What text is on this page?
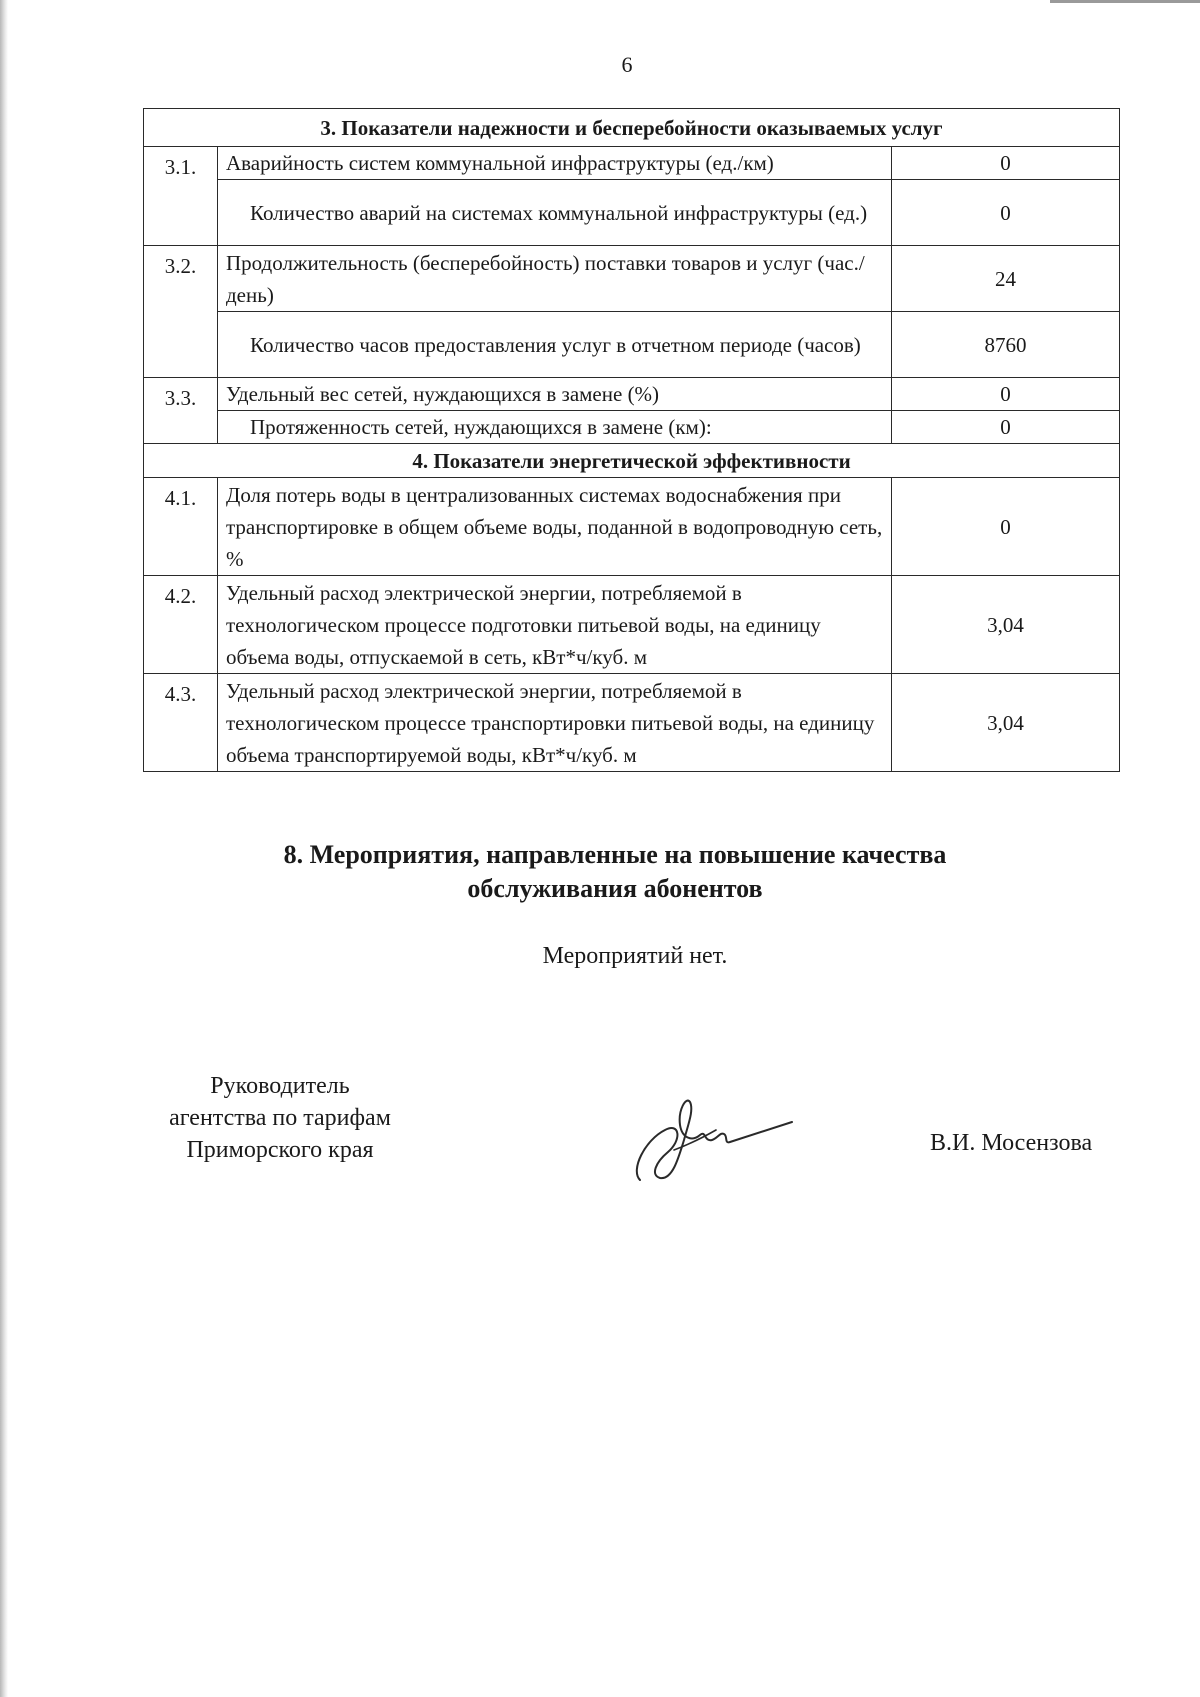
6
3. Показатели надежности и бесперебойности оказываемых услуг		
3.1.	Аварийность систем коммунальной инфраструктуры (ед./км)	0
	Количество аварий на системах коммунальной инфраструктуры (ед.)	0
3.2.	Продолжительность (бесперебойность) поставки товаров и услуг (час./день)	24
	Количество часов предоставления услуг в отчетном периоде (часов)	8760
3.3.	Удельный вес сетей, нуждающихся в замене (%)	0
	Протяженность сетей, нуждающихся в замене (км):	0
4. Показатели энергетической эффективности		
4.1.	Доля потерь воды в централизованных системах водоснабжения при транспортировке в общем объеме воды, поданной в водопроводную сеть, %	0
4.2.	Удельный расход электрической энергии, потребляемой в технологическом процессе подготовки питьевой воды, на единицу объема воды, отпускаемой в сеть, кВт*ч/куб. м	3,04
4.3.	Удельный расход электрической энергии, потребляемой в технологическом процессе транспортировки питьевой воды, на единицу объема транспортируемой воды, кВт*ч/куб. м	3,04
8. Мероприятия, направленные на повышение качества
обслуживания абонентов
Мероприятий нет.
Руководитель
агентства по тарифам
Приморского края	В.И. Мосензова
